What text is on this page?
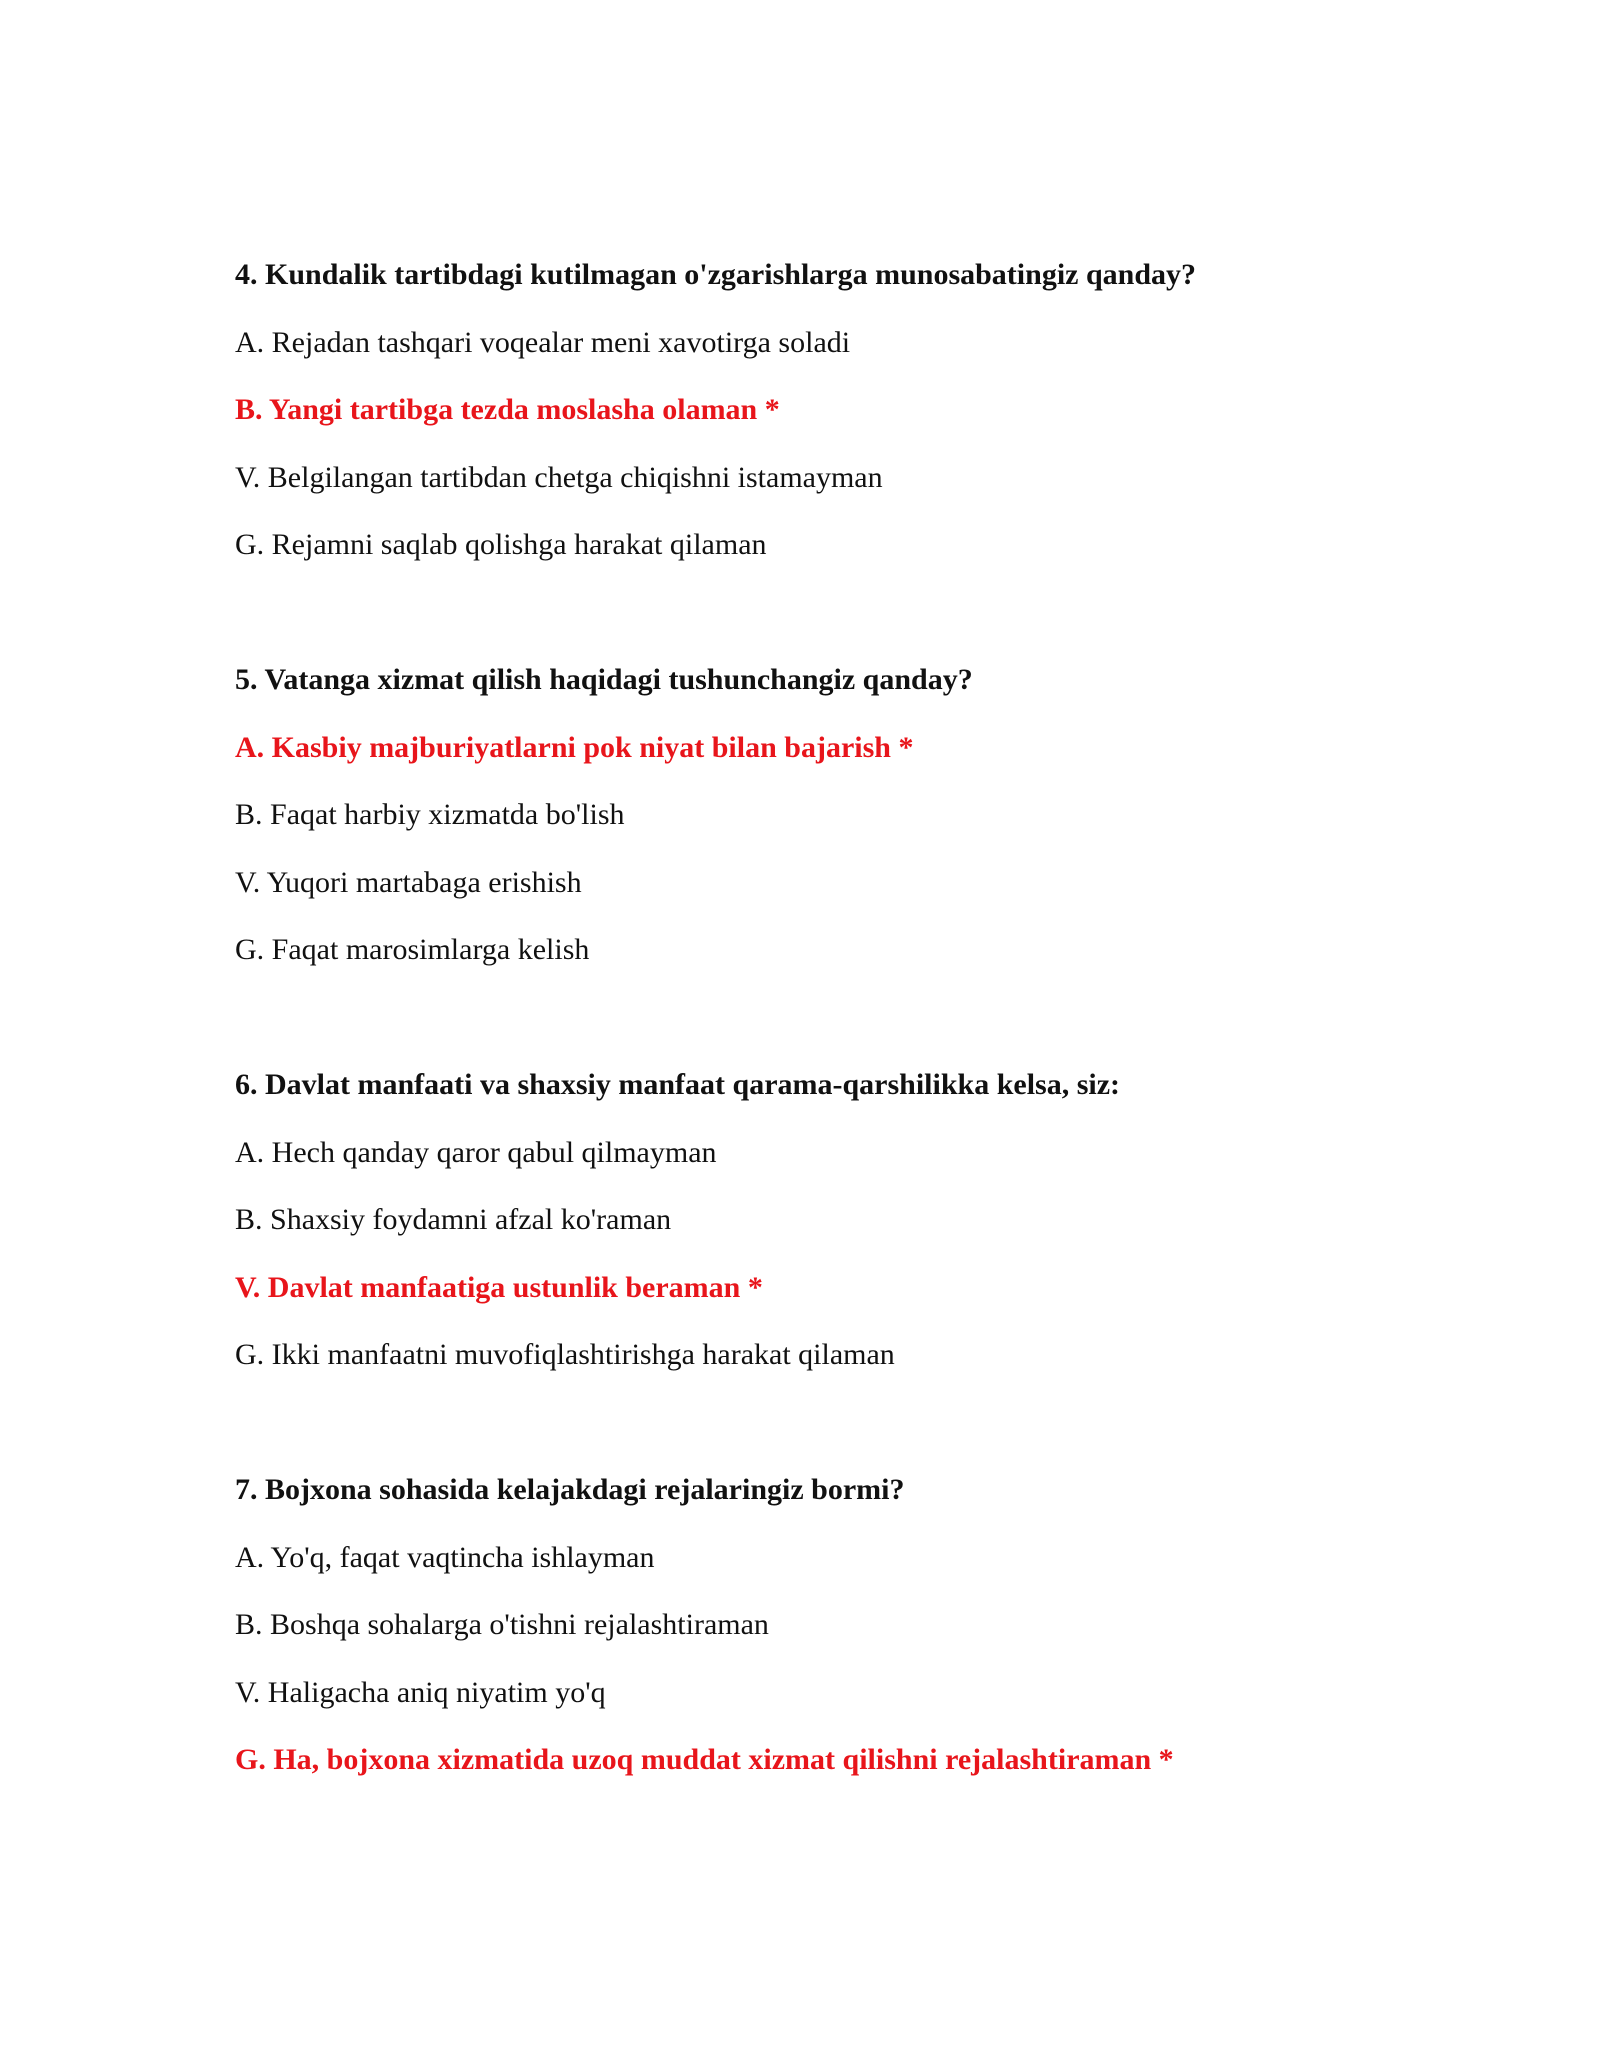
4. Kundalik tartibdagi kutilmagan o'zgarishlarga munosabatingiz qanday?
A. Rejadan tashqari voqealar meni xavotirga soladi
B. Yangi tartibga tezda moslasha olaman *
V. Belgilangan tartibdan chetga chiqishni istamayman
G. Rejamni saqlab qolishga harakat qilaman
5. Vatanga xizmat qilish haqidagi tushunchangiz qanday?
A. Kasbiy majburiyatlarni pok niyat bilan bajarish *
B. Faqat harbiy xizmatda bo'lish
V. Yuqori martabaga erishish
G. Faqat marosimlarga kelish
6. Davlat manfaati va shaxsiy manfaat qarama-qarshilikka kelsa, siz:
A. Hech qanday qaror qabul qilmayman
B. Shaxsiy foydamni afzal ko'raman
V. Davlat manfaatiga ustunlik beraman *
G. Ikki manfaatni muvofiqlashtirishga harakat qilaman
7. Bojxona sohasida kelajakdagi rejalaringiz bormi?
A. Yo'q, faqat vaqtincha ishlayman
B. Boshqa sohalarga o'tishni rejalashtiraman
V. Haligacha aniq niyatim yo'q
G. Ha, bojxona xizmatida uzoq muddat xizmat qilishni rejalashtiraman *
